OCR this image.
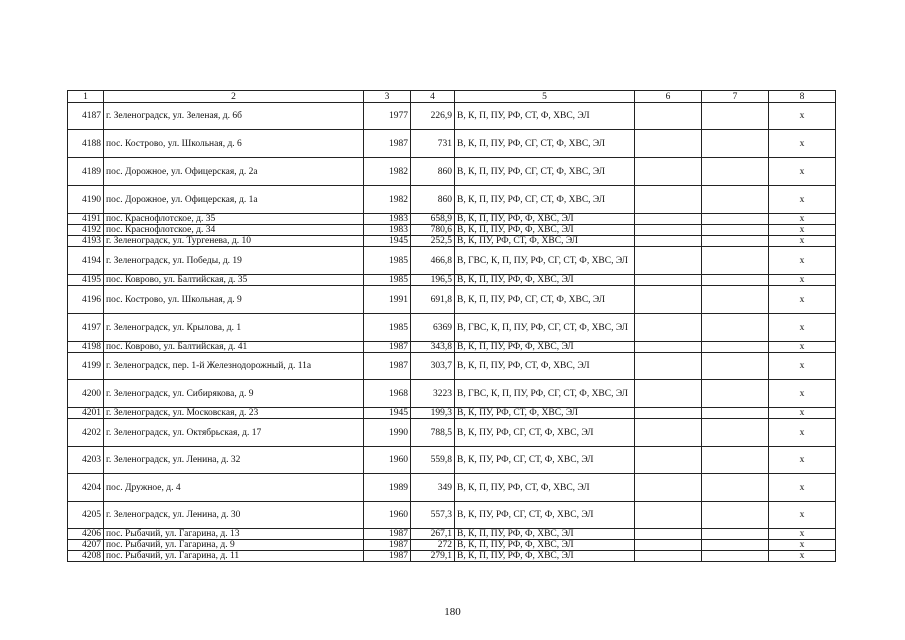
1	2	3	4	5	6	7	8
4187	г. Зеленоградск, ул. Зеленая, д. 6б	1977	226,9	В, К, П, ПУ, РФ, СТ, Ф, ХВС, ЭЛ			x
4188	пос. Кострово, ул. Школьная, д. 6	1987	731	В, К, П, ПУ, РФ, СГ, СТ, Ф, ХВС, ЭЛ			x
4189	пос. Дорожное, ул. Офицерская, д. 2а	1982	860	В, К, П, ПУ, РФ, СГ, СТ, Ф, ХВС, ЭЛ			x
4190	пос. Дорожное, ул. Офицерская, д. 1а	1982	860	В, К, П, ПУ, РФ, СГ, СТ, Ф, ХВС, ЭЛ			x
4191	пос. Краснофлотское, д. 35	1983	658,9	В, К, П, ПУ, РФ, Ф, ХВС, ЭЛ			x
4192	пос. Краснофлотское, д. 34	1983	780,6	В, К, П, ПУ, РФ, Ф, ХВС, ЭЛ			x
4193	г. Зеленоградск, ул. Тургенева, д. 10	1945	252,5	В, К, ПУ, РФ, СТ, Ф, ХВС, ЭЛ			x
4194	г. Зеленоградск, ул. Победы, д. 19	1985	466,8	В, ГВС, К, П, ПУ, РФ, СГ, СТ, Ф, ХВС, ЭЛ			x
4195	пос. Коврово, ул. Балтийская, д. 35	1985	196,5	В, К, П, ПУ, РФ, Ф, ХВС, ЭЛ			x
4196	пос. Кострово, ул. Школьная, д. 9	1991	691,8	В, К, П, ПУ, РФ, СГ, СТ, Ф, ХВС, ЭЛ			x
4197	г. Зеленоградск, ул. Крылова, д. 1	1985	6369	В, ГВС, К, П, ПУ, РФ, СГ, СТ, Ф, ХВС, ЭЛ			x
4198	пос. Коврово, ул. Балтийская, д. 41	1987	343,8	В, К, П, ПУ, РФ, Ф, ХВС, ЭЛ			x
4199	г. Зеленоградск, пер. 1-й Железнодорожный, д. 11а	1987	303,7	В, К, П, ПУ, РФ, СТ, Ф, ХВС, ЭЛ			x
4200	г. Зеленоградск, ул. Сибирякова, д. 9	1968	3223	В, ГВС, К, П, ПУ, РФ, СГ, СТ, Ф, ХВС, ЭЛ			x
4201	г. Зеленоградск, ул. Московская, д. 23	1945	199,3	В, К, ПУ, РФ, СТ, Ф, ХВС, ЭЛ			x
4202	г. Зеленоградск, ул. Октябрьская, д. 17	1990	788,5	В, К, ПУ, РФ, СГ, СТ, Ф, ХВС, ЭЛ			x
4203	г. Зеленоградск, ул. Ленина, д. 32	1960	559,8	В, К, ПУ, РФ, СГ, СТ, Ф, ХВС, ЭЛ			x
4204	пос. Дружное, д. 4	1989	349	В, К, П, ПУ, РФ, СТ, Ф, ХВС, ЭЛ			x
4205	г. Зеленоградск, ул. Ленина, д. 30	1960	557,3	В, К, ПУ, РФ, СГ, СТ, Ф, ХВС, ЭЛ			x
4206	пос. Рыбачий, ул. Гагарина, д. 13	1987	267,1	В, К, П, ПУ, РФ, Ф, ХВС, ЭЛ			x
4207	пос. Рыбачий, ул. Гагарина, д. 9	1987	272	В, К, П, ПУ, РФ, Ф, ХВС, ЭЛ			x
4208	пос. Рыбачий, ул. Гагарина, д. 11	1987	279,1	В, К, П, ПУ, РФ, Ф, ХВС, ЭЛ			x
180
